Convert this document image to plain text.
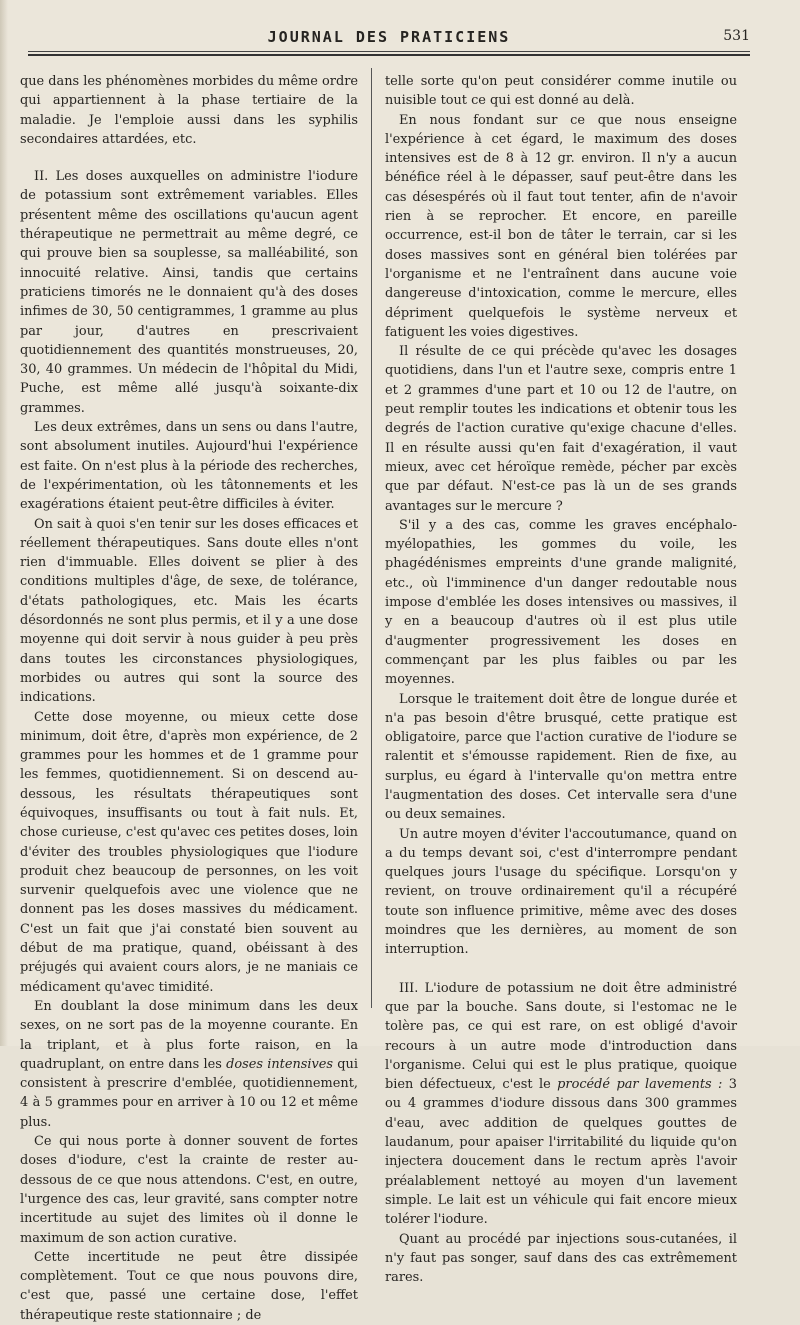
JOURNAL DES PRATICIENS	531

que dans les phénomènes morbides du même ordre qui appartiennent à la phase tertiaire de la maladie. Je l'emploie aussi dans les syphilis secondaires attardées, etc.

II. Les doses auxquelles on administre l'iodure de potassium sont extrêmement variables. Elles présentent même des oscillations qu'aucun agent thérapeutique ne permettrait au même degré, ce qui prouve bien sa souplesse, sa malléabilité, son innocuité relative. Ainsi, tandis que certains praticiens timorés ne le donnaient qu'à des doses infimes de 30, 50 centigrammes, 1 gramme au plus par jour, d'autres en prescrivaient quotidiennement des quantités monstrueuses, 20, 30, 40 grammes. Un médecin de l'hôpital du Midi, Puche, est même allé jusqu'à soixante-dix grammes.

Les deux extrêmes, dans un sens ou dans l'autre, sont absolument inutiles. Aujourd'hui l'expérience est faite. On n'est plus à la période des recherches, de l'expérimentation, où les tâtonnements et les exagérations étaient peut-être difficiles à éviter.

On sait à quoi s'en tenir sur les doses efficaces et réellement thérapeutiques. Sans doute elles n'ont rien d'immuable. Elles doivent se plier à des conditions multiples d'âge, de sexe, de tolérance, d'états pathologiques, etc. Mais les écarts désordonnés ne sont plus permis, et il y a une dose moyenne qui doit servir à nous guider à peu près dans toutes les circonstances physiologiques, morbides ou autres qui sont la source des indications.

Cette dose moyenne, ou mieux cette dose minimum, doit être, d'après mon expérience, de 2 grammes pour les hommes et de 1 gramme pour les femmes, quotidiennement. Si on descend au-dessous, les résultats thérapeutiques sont équivoques, insuffisants ou tout à fait nuls. Et, chose curieuse, c'est qu'avec ces petites doses, loin d'éviter des troubles physiologiques que l'iodure produit chez beaucoup de personnes, on les voit survenir quelquefois avec une violence que ne donnent pas les doses massives du médicament. C'est un fait que j'ai constaté bien souvent au début de ma pratique, quand, obéissant à des préjugés qui avaient cours alors, je ne maniais ce médicament qu'avec timidité.

En doublant la dose minimum dans les deux sexes, on ne sort pas de la moyenne courante. En la triplant, et à plus forte raison, en la quadruplant, on entre dans les doses intensives qui consistent à prescrire d'emblée, quotidiennement, 4 à 5 grammes pour en arriver à 10 ou 12 et même plus.

Ce qui nous porte à donner souvent de fortes doses d'iodure, c'est la crainte de rester au-dessous de ce que nous attendons. C'est, en outre, l'urgence des cas, leur gravité, sans compter notre incertitude au sujet des limites où il donne le maximum de son action curative.

Cette incertitude ne peut être dissipée complètement. Tout ce que nous pouvons dire, c'est que, passé une certaine dose, l'effet thérapeutique reste stationnaire ; de

telle sorte qu'on peut considérer comme inutile ou nuisible tout ce qui est donné au delà.

En nous fondant sur ce que nous enseigne l'expérience à cet égard, le maximum des doses intensives est de 8 à 12 gr. environ. Il n'y a aucun bénéfice réel à le dépasser, sauf peut-être dans les cas désespérés où il faut tout tenter, afin de n'avoir rien à se reprocher. Et encore, en pareille occurrence, est-il bon de tâter le terrain, car si les doses massives sont en général bien tolérées par l'organisme et ne l'entraînent dans aucune voie dangereuse d'intoxication, comme le mercure, elles dépriment quelquefois le système nerveux et fatiguent les voies digestives.

Il résulte de ce qui précède qu'avec les dosages quotidiens, dans l'un et l'autre sexe, compris entre 1 et 2 grammes d'une part et 10 ou 12 de l'autre, on peut remplir toutes les indications et obtenir tous les degrés de l'action curative qu'exige chacune d'elles. Il en résulte aussi qu'en fait d'exagération, il vaut mieux, avec cet héroïque remède, pécher par excès que par défaut. N'est-ce pas là un de ses grands avantages sur le mercure ?

S'il y a des cas, comme les graves encéphalo-myélopathies, les gommes du voile, les phagédénismes empreints d'une grande malignité, etc., où l'imminence d'un danger redoutable nous impose d'emblée les doses intensives ou massives, il y en a beaucoup d'autres où il est plus utile d'augmenter progressivement les doses en commençant par les plus faibles ou par les moyennes.

Lorsque le traitement doit être de longue durée et n'a pas besoin d'être brusqué, cette pratique est obligatoire, parce que l'action curative de l'iodure se ralentit et s'émousse rapidement. Rien de fixe, au surplus, eu égard à l'intervalle qu'on mettra entre l'augmentation des doses. Cet intervalle sera d'une ou deux semaines.

Un autre moyen d'éviter l'accoutumance, quand on a du temps devant soi, c'est d'interrompre pendant quelques jours l'usage du spécifique. Lorsqu'on y revient, on trouve ordinairement qu'il a récupéré toute son influence primitive, même avec des doses moindres que les dernières, au moment de son interruption.

III. L'iodure de potassium ne doit être administré que par la bouche. Sans doute, si l'estomac ne le tolère pas, ce qui est rare, on est obligé d'avoir recours à un autre mode d'introduction dans l'organisme. Celui qui est le plus pratique, quoique bien défectueux, c'est le procédé par lavements : 3 ou 4 grammes d'iodure dissous dans 300 grammes d'eau, avec addition de quelques gouttes de laudanum, pour apaiser l'irritabilité du liquide qu'on injectera doucement dans le rectum après l'avoir préalablement nettoyé au moyen d'un lavement simple. Le lait est un véhicule qui fait encore mieux tolérer l'iodure.

Quant au procédé par injections sous-cutanées, il n'y faut pas songer, sauf dans des cas extrêmement rares.
